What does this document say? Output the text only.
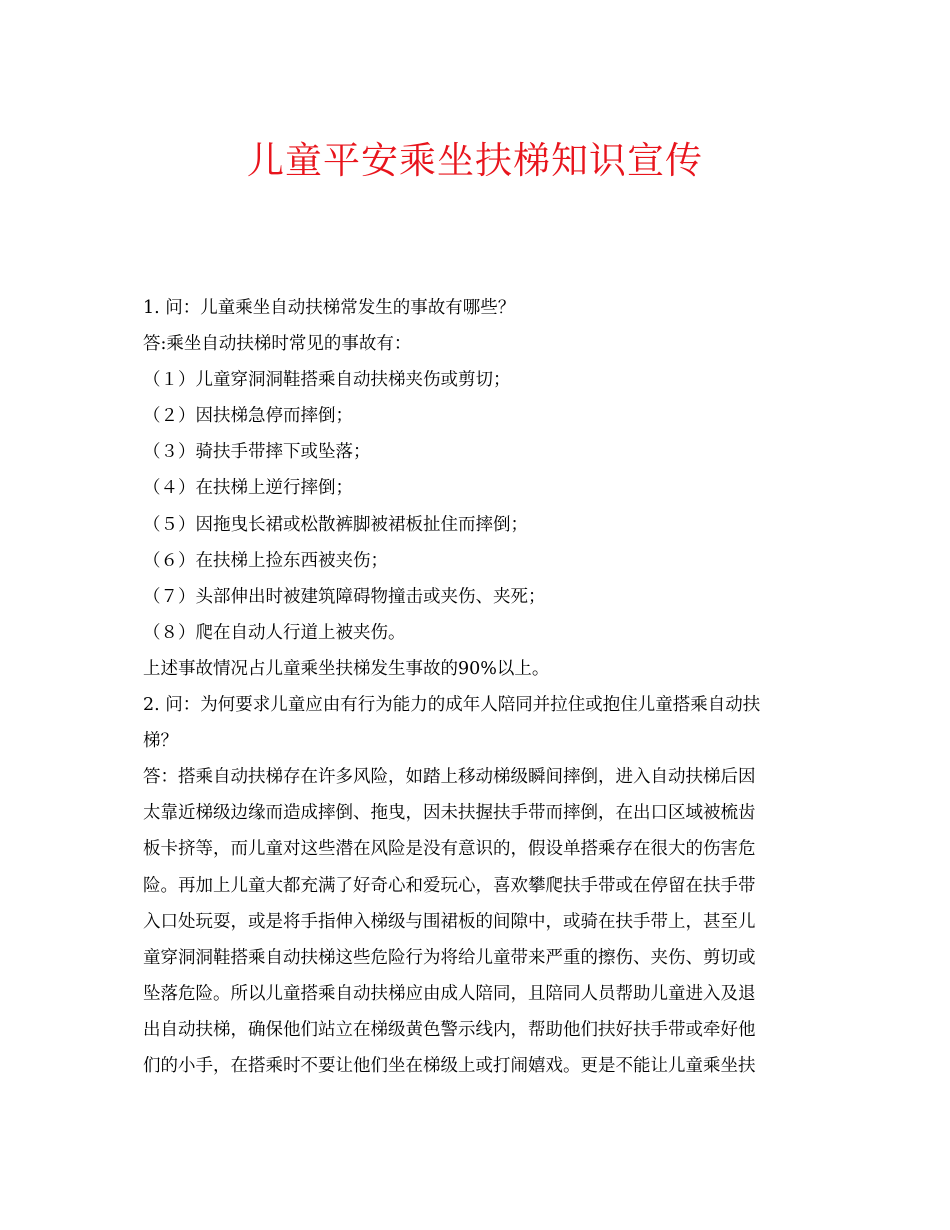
儿童平安乘坐扶梯知识宣传
1. 问：儿童乘坐自动扶梯常发生的事故有哪些？
答:乘坐自动扶梯时常见的事故有：
（１）儿童穿洞洞鞋搭乘自动扶梯夹伤或剪切；
（２）因扶梯急停而摔倒；
（３）骑扶手带摔下或坠落；
（４）在扶梯上逆行摔倒；
（５）因拖曳长裙或松散裤脚被裙板扯住而摔倒；
（６）在扶梯上捡东西被夹伤；
（７）头部伸出时被建筑障碍物撞击或夹伤、夹死；
（８）爬在自动人行道上被夹伤。
上述事故情况占儿童乘坐扶梯发生事故的90%以上。
2. 问：为何要求儿童应由有行为能力的成年人陪同并拉住或抱住儿童搭乘自动扶
梯？
答：搭乘自动扶梯存在许多风险，如踏上移动梯级瞬间摔倒，进入自动扶梯后因
太靠近梯级边缘而造成摔倒、拖曳，因未扶握扶手带而摔倒，在出口区域被梳齿
板卡挤等，而儿童对这些潜在风险是没有意识的，假设单搭乘存在很大的伤害危
险。再加上儿童大都充满了好奇心和爱玩心，喜欢攀爬扶手带或在停留在扶手带
入口处玩耍，或是将手指伸入梯级与围裙板的间隙中，或骑在扶手带上，甚至儿
童穿洞洞鞋搭乘自动扶梯这些危险行为将给儿童带来严重的擦伤、夹伤、剪切或
坠落危险。所以儿童搭乘自动扶梯应由成人陪同，且陪同人员帮助儿童进入及退
出自动扶梯，确保他们站立在梯级黄色警示线内，帮助他们扶好扶手带或牵好他
们的小手，在搭乘时不要让他们坐在梯级上或打闹嬉戏。更是不能让儿童乘坐扶
